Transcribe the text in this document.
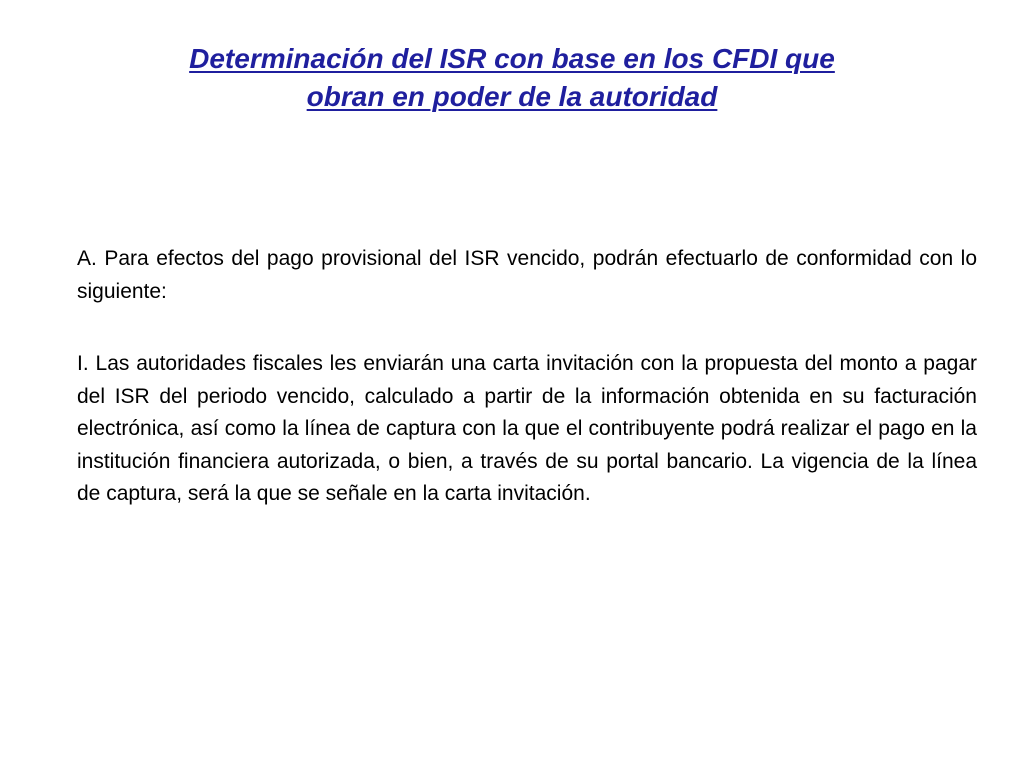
Determinación del ISR con base en los CFDI que
obran en poder de la autoridad

A. Para efectos del pago provisional del ISR vencido, podrán efectuarlo de conformidad con lo siguiente:

I. Las autoridades fiscales les enviarán una carta invitación con la propuesta del monto a pagar del ISR del periodo vencido, calculado a partir de la información obtenida en su facturación electrónica, así como la línea de captura con la que el contribuyente podrá realizar el pago en la institución financiera autorizada, o bien, a través de su portal bancario. La vigencia de la línea de captura, será la que se señale en la carta invitación.
